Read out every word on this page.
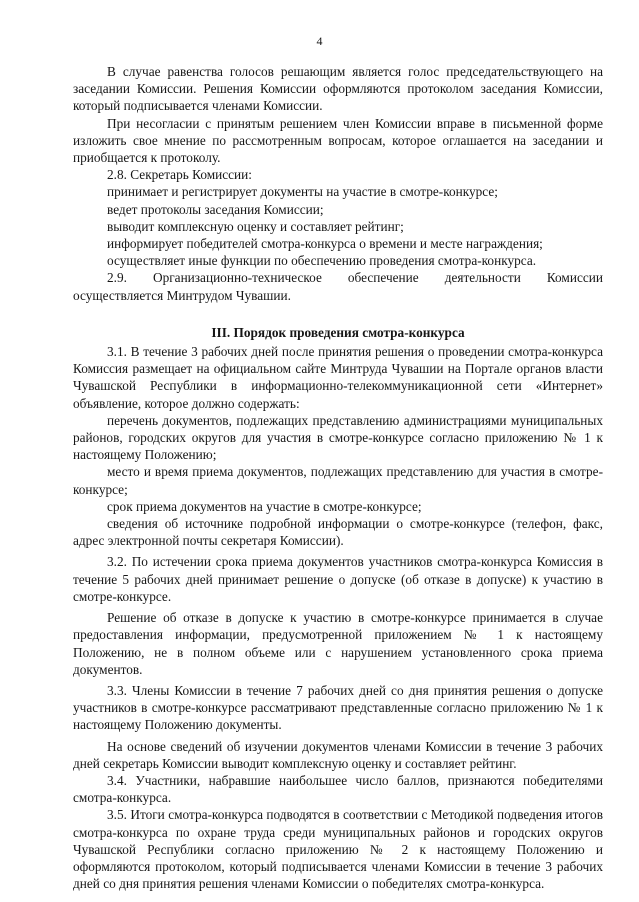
4

В случае равенства голосов решающим является голос председательствующего на заседании Комиссии. Решения Комиссии оформляются протоколом заседания Комиссии, который подписывается членами Комиссии.

При несогласии с принятым решением член Комиссии вправе в письменной форме изложить свое мнение по рассмотренным вопросам, которое оглашается на заседании и приобщается к протоколу.

2.8. Секретарь Комиссии:

принимает и регистрирует документы на участие в смотре-конкурсе;

ведет протоколы заседания Комиссии;

выводит комплексную оценку и составляет рейтинг;

информирует победителей смотра-конкурса о времени и месте награждения;

осуществляет иные функции по обеспечению проведения смотра-конкурса.

2.9. Организационно-техническое обеспечение деятельности Комиссии осуществляется Минтрудом Чувашии.

III. Порядок проведения смотра-конкурса

3.1. В течение 3 рабочих дней после принятия решения о проведении смотра-конкурса Комиссия размещает на официальном сайте Минтруда Чувашии на Портале органов власти Чувашской Республики в информационно-телекоммуникационной сети «Интернет» объявление, которое должно содержать:

перечень документов, подлежащих представлению администрациями муниципальных районов, городских округов для участия в смотре-конкурсе согласно приложению № 1 к настоящему Положению;

место и время приема документов, подлежащих представлению для участия в смотре-конкурсе;

срок приема документов на участие в смотре-конкурсе;

сведения об источнике подробной информации о смотре-конкурсе (телефон, факс, адрес электронной почты секретаря Комиссии).

3.2. По истечении срока приема документов участников смотра-конкурса Комиссия в течение 5 рабочих дней принимает решение о допуске (об отказе в допуске) к участию в смотре-конкурсе.

Решение об отказе в допуске к участию в смотре-конкурсе принимается в случае предоставления информации, предусмотренной приложением № 1 к настоящему Положению, не в полном объеме или с нарушением установленного срока приема документов.

3.3. Члены Комиссии в течение 7 рабочих дней со дня принятия решения о допуске участников в смотре-конкурсе рассматривают представленные согласно приложению № 1 к настоящему Положению документы.

На основе сведений об изучении документов членами Комиссии в течение 3 рабочих дней секретарь Комиссии выводит комплексную оценку и составляет рейтинг.

3.4. Участники, набравшие наибольшее число баллов, признаются победителями смотра-конкурса.

3.5. Итоги смотра-конкурса подводятся в соответствии с Методикой подведения итогов смотра-конкурса по охране труда среди муниципальных районов и городских округов Чувашской Республики согласно приложению № 2 к настоящему Положению и оформляются протоколом, который подписывается членами Комиссии в течение 3 рабочих дней со дня принятия решения членами Комиссии о победителях смотра-конкурса.
